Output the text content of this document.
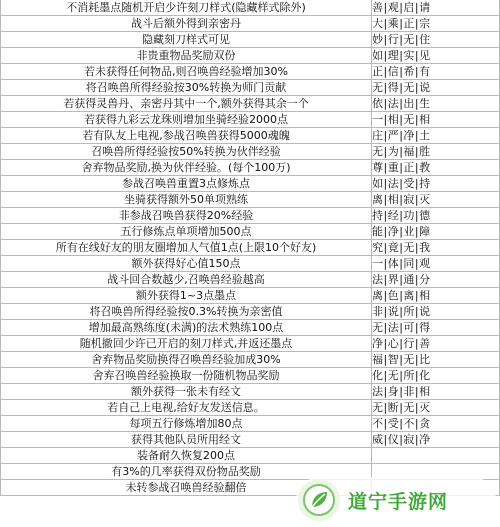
不消耗墨点随机开启少许刻刀样式(隐藏样式除外)	善|观|启|请
战斗后额外得到亲密丹	大|乘|正|宗
隐藏刻刀样式可见	妙|行|无|住
非贵重物品奖励双份	如|理|实|见
若未获得任何物品,则召唤兽经验增加30%	正|信|希|有
将召唤兽所得经验按30%转换为师门贡献	无|得|无|说
若获得灵兽丹、亲密丹其中一个,额外获得其余一个	依|法|出|生
若获得九彩云龙珠则增加坐骑经验2000点	一|相|无|相
若有队友上电视,参战召唤兽获得5000魂魄	庄|严|净|土
召唤兽所得经验按50%转换为伙伴经验	无|为|福|胜
舍弃物品奖励,换为伙伴经验。(每个100万)	尊|重|正|教
参战召唤兽重置3点修炼点	如|法|受|持
坐骑获得额外50单项熟练	离|相|寂|灭
非参战召唤兽获得20%经验	持|经|功|德
五行修炼点单项增加500点	能|净|业|障
所有在线好友的朋友圈增加人气值1点(上限10个好友)	究|竟|无|我
额外获得好心值150点	一|体|同|观
战斗回合数越少,召唤兽经验越高	法|界|通|分
额外获得1~3点墨点	离|色|离|相
将召唤兽所得经验按0.3%转换为亲密值	非|说|所|说
增加最高熟练度(未满)的法术熟练100点	无|法|可|得
随机撤回少许已开启的刻刀样式,并返还墨点	净|心|行|善
舍弃物品奖励换得召唤兽经验加成30%	福|智|无|比
舍弃召唤兽经验换取一份随机物品奖励	化|无|所|化
额外获得一张未有经文	法|身|非|相
若自己上电视,给好友发送信息。	无|断|无|灭
每项五行修炼增加80点	不|受|不|贪
获得其他队员所用经文	威|仪|寂|净
装备耐久恢复200点	
有3%的几率获得双份物品奖励	
未转参战召唤兽经验翻倍	
道宁手游网
